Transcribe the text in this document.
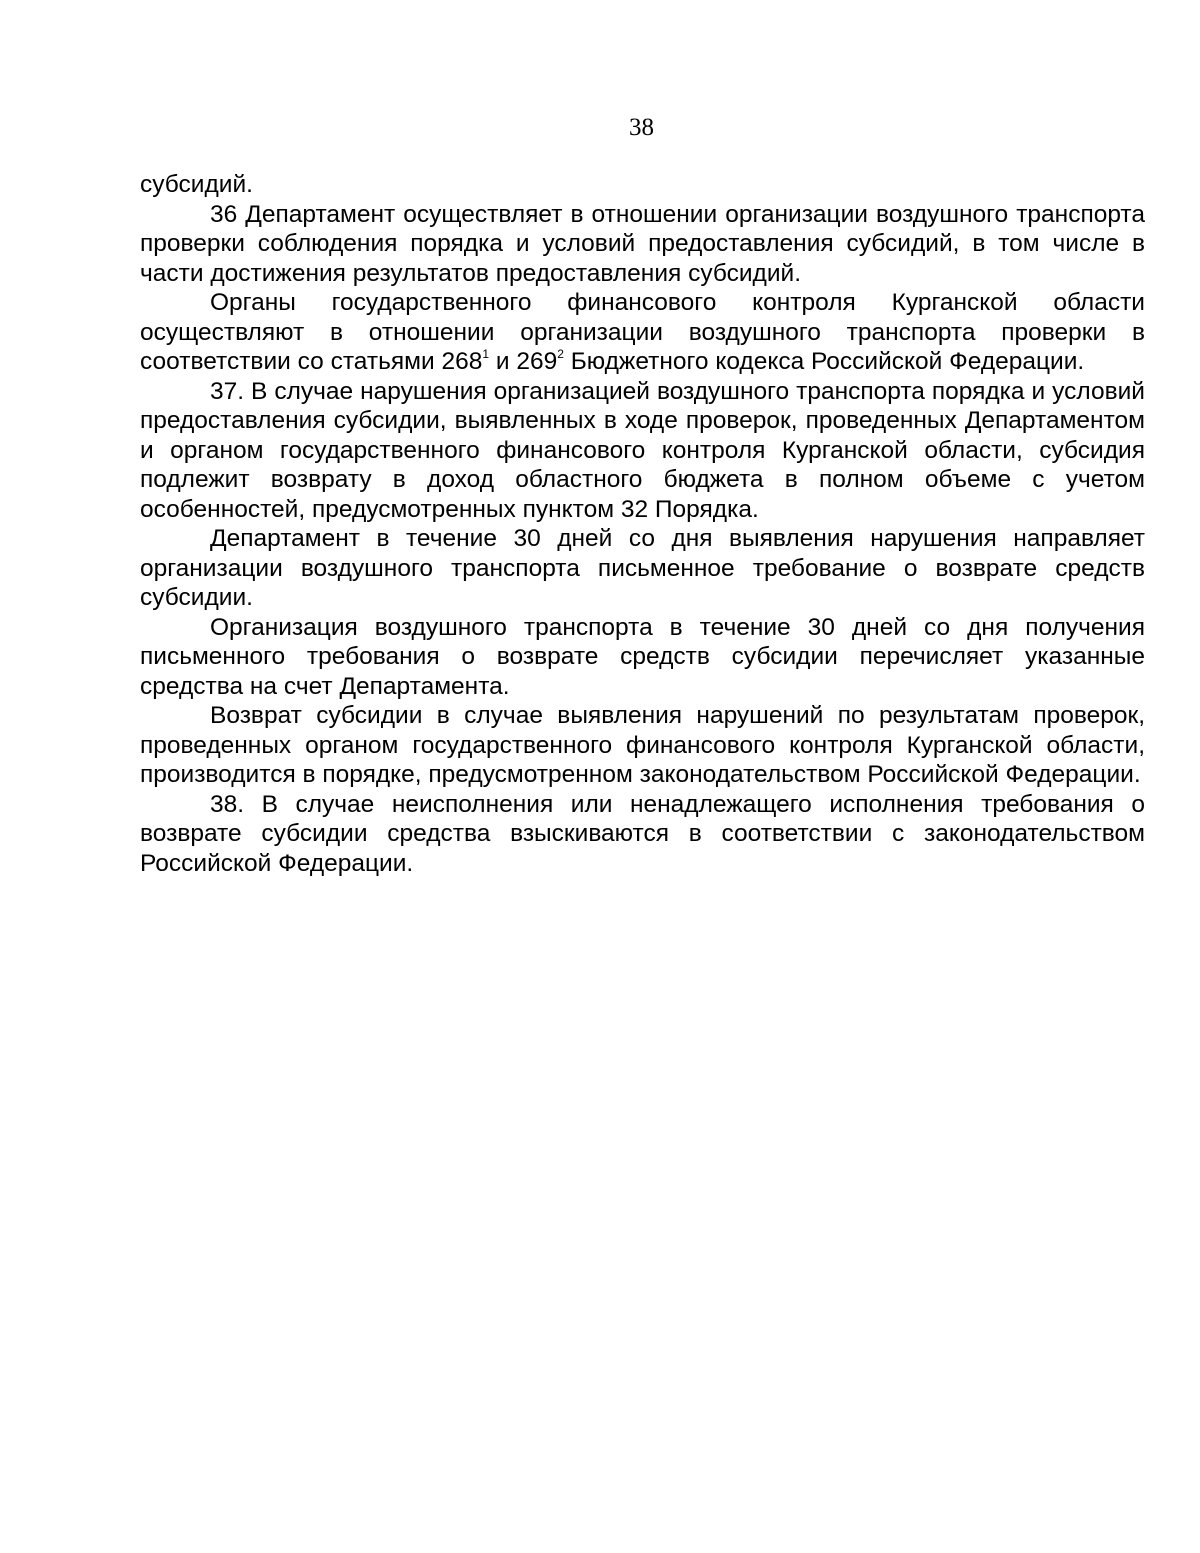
38

субсидий.

36 Департамент осуществляет в отношении организации воздушного транспорта проверки соблюдения порядка и условий предоставления субсидий, в том числе в части достижения результатов предоставления субсидий.

Органы государственного финансового контроля Курганской области осуществляют в отношении организации воздушного транспорта проверки в соответствии со статьями $268^1$ и $269^2$ Бюджетного кодекса Российской Федерации.

37. В случае нарушения организацией воздушного транспорта порядка и условий предоставления субсидии, выявленных в ходе проверок, проведенных Департаментом и органом государственного финансового контроля Курганской области, субсидия подлежит возврату в доход областного бюджета в полном объеме с учетом особенностей, предусмотренных пунктом 32 Порядка.

Департамент в течение 30 дней со дня выявления нарушения направляет организации воздушного транспорта письменное требование о возврате средств субсидии.

Организация воздушного транспорта в течение 30 дней со дня получения письменного требования о возврате средств субсидии перечисляет указанные средства на счет Департамента.

Возврат субсидии в случае выявления нарушений по результатам проверок, проведенных органом государственного финансового контроля Курганской области, производится в порядке, предусмотренном законодательством Российской Федерации.

38. В случае неисполнения или ненадлежащего исполнения требования о возврате субсидии средства взыскиваются в соответствии с законодательством Российской Федерации.
